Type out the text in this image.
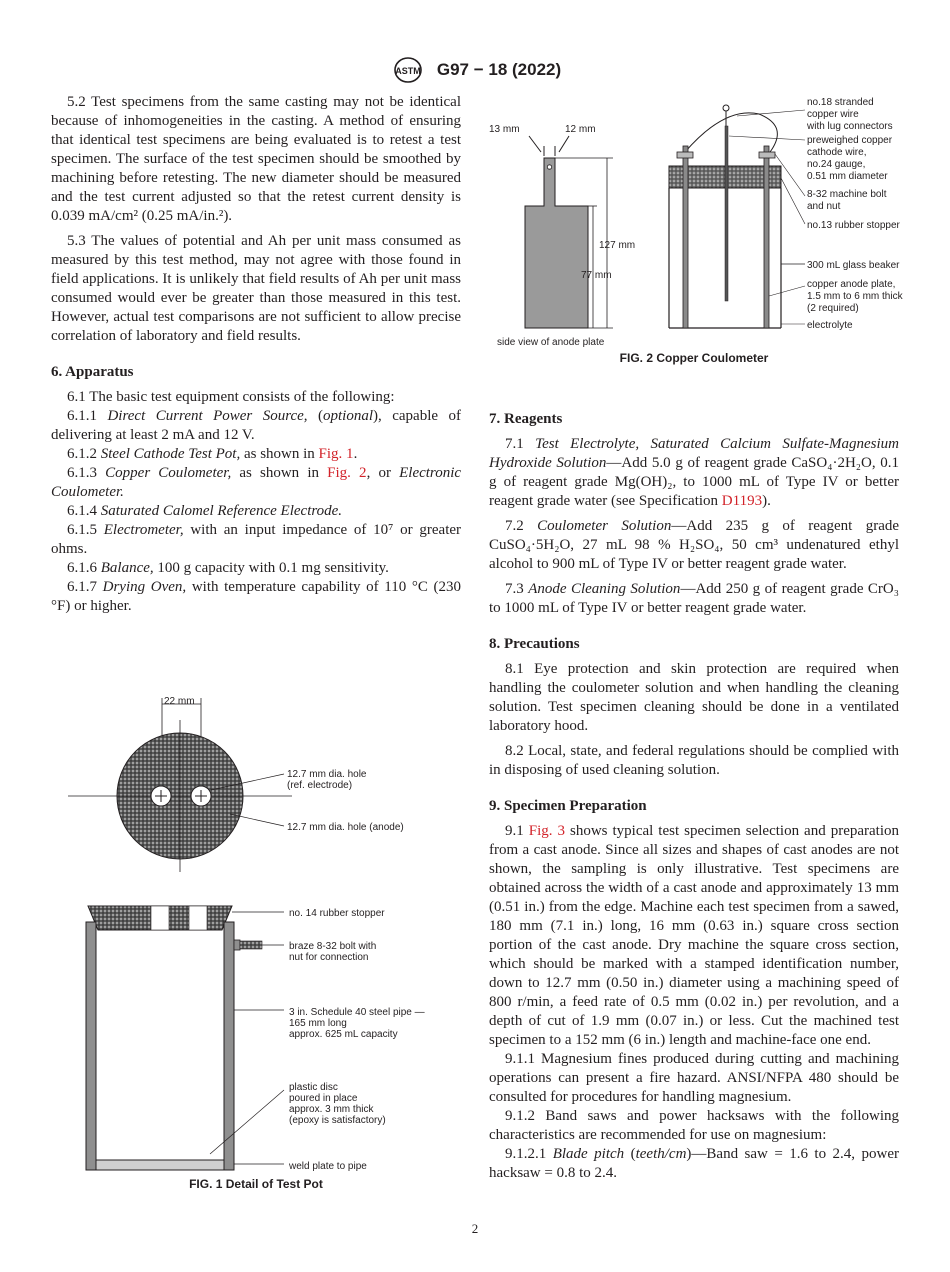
ASTM G97 − 18 (2022)

5.2 Test specimens from the same casting may not be identical because of inhomogeneities in the casting. A method of ensuring that identical test specimens are being evaluated is to retest a test specimen. The surface of the test specimen should be smoothed by machining before retesting. The new diameter should be measured and the test current adjusted so that the retest current density is 0.039 mA/cm² (0.25 mA/in.²).

5.3 The values of potential and Ah per unit mass consumed as measured by this test method, may not agree with those found in field applications. It is unlikely that field results of Ah per unit mass consumed would ever be greater than those measured in this test. However, actual test comparisons are not sufficient to allow precise correlation of laboratory and field results.

6. Apparatus

6.1 The basic test equipment consists of the following:

6.1.1 Direct Current Power Source, (optional), capable of delivering at least 2 mA and 12 V.

6.1.2 Steel Cathode Test Pot, as shown in Fig. 1.

6.1.3 Copper Coulometer, as shown in Fig. 2, or Electronic Coulometer.

6.1.4 Saturated Calomel Reference Electrode.

6.1.5 Electrometer, with an input impedance of 10⁷ or greater ohms.

6.1.6 Balance, 100 g capacity with 0.1 mg sensitivity.

6.1.7 Drying Oven, with temperature capability of 110 °C (230 °F) or higher.

7. Reagents

7.1 Test Electrolyte, Saturated Calcium Sulfate-Magnesium Hydroxide Solution—Add 5.0 g of reagent grade CaSO₄·2H₂O, 0.1 g of reagent grade Mg(OH)₂, to 1000 mL of Type IV or better reagent grade water (see Specification D1193).

7.2 Coulometer Solution—Add 235 g of reagent grade CuSO₄·5H₂O, 27 mL 98 % H₂SO₄, 50 cm³ undenatured ethyl alcohol to 900 mL of Type IV or better reagent grade water.

7.3 Anode Cleaning Solution—Add 250 g of reagent grade CrO₃ to 1000 mL of Type IV or better reagent grade water.

8. Precautions

8.1 Eye protection and skin protection are required when handling the coulometer solution and when handling the cleaning solution. Test specimen cleaning should be done in a ventilated laboratory hood.

8.2 Local, state, and federal regulations should be complied with in disposing of used cleaning solution.

9. Specimen Preparation

9.1 Fig. 3 shows typical test specimen selection and preparation from a cast anode. Since all sizes and shapes of cast anodes are not shown, the sampling is only illustrative. Test specimens are obtained across the width of a cast anode and approximately 13 mm (0.51 in.) from the edge. Machine each test specimen from a sawed, 180 mm (7.1 in.) long, 16 mm (0.63 in.) square cross section portion of the cast anode. Dry machine the square cross section, which should be marked with a stamped identification number, down to 12.7 mm (0.50 in.) diameter using a machining speed of 800 r/min, a feed rate of 0.5 mm (0.02 in.) per revolution, and a depth of cut of 1.9 mm (0.07 in.) or less. Cut the machined test specimen to a 152 mm (6 in.) length and machine-face one end.

9.1.1 Magnesium fines produced during cutting and machining operations can present a fire hazard. ANSI/NFPA 480 should be consulted for procedures for handling magnesium.

9.1.2 Band saws and power hacksaws with the following characteristics are recommended for use on magnesium:

9.1.2.1 Blade pitch (teeth/cm)—Band saw = 1.6 to 2.4, power hacksaw = 0.8 to 2.4.

13 mm	12 mm
127 mm
77 mm
side view of anode plate
no.18 stranded
copper wire
with lug connectors
preweighed copper
cathode wire,
no.24 gauge,
0.51 mm diameter
8-32 machine bolt
and nut
no.13 rubber stopper
300 mL glass beaker
copper anode plate,
1.5 mm to 6 mm thick
(2 required)
electrolyte
FIG. 2 Copper Coulometer
22 mm
12.7 mm dia. hole
(ref. electrode)
12.7 mm dia. hole (anode)
no. 14 rubber stopper
braze 8-32 bolt with
nut for connection
3 in. Schedule 40 steel pipe —
165 mm long
approx. 625 mL capacity
plastic disc
poured in place
approx. 3 mm thick
(epoxy is satisfactory)
weld plate to pipe
FIG. 1 Detail of Test Pot
2
